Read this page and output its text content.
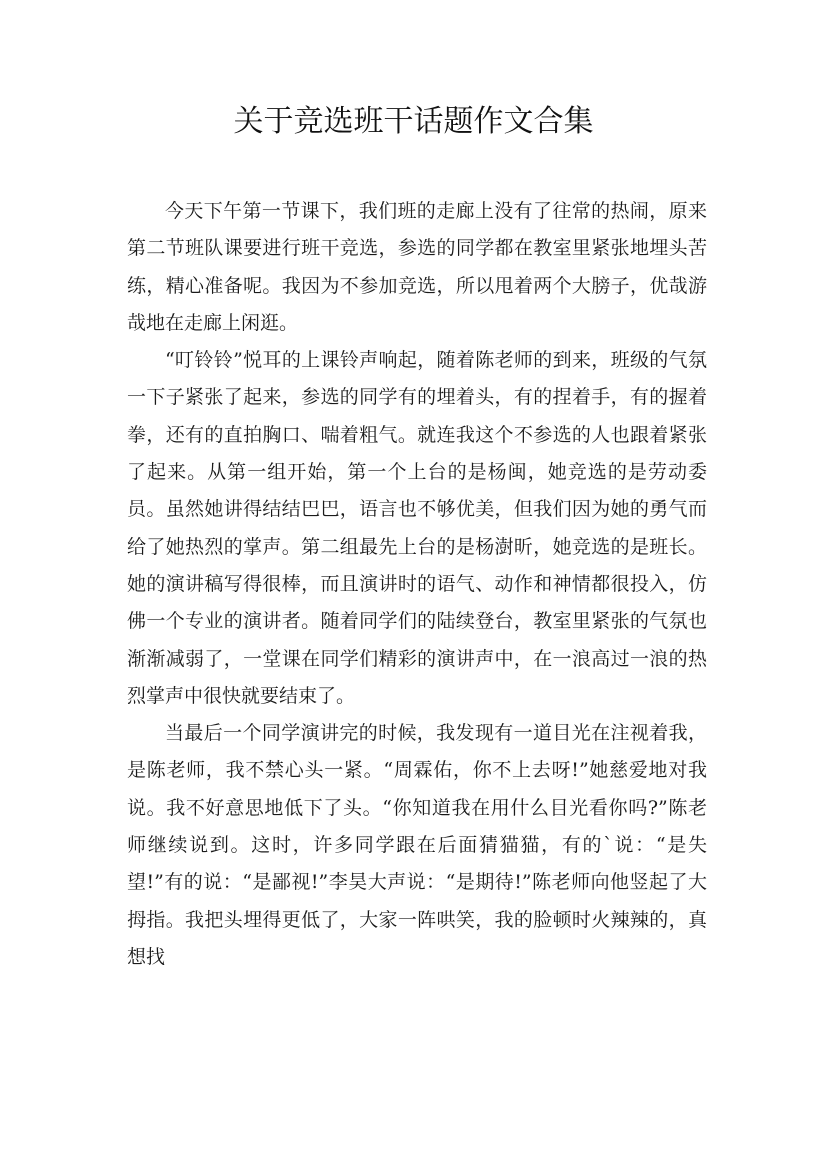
关于竞选班干话题作文合集

今天下午第一节课下，我们班的走廊上没有了往常的热闹，原来第二节班队课要进行班干竞选，参选的同学都在教室里紧张地埋头苦练，精心准备呢。我因为不参加竞选，所以甩着两个大膀子，优哉游哉地在走廊上闲逛。

“叮铃铃”悦耳的上课铃声响起，随着陈老师的到来，班级的气氛一下子紧张了起来，参选的同学有的埋着头，有的捏着手，有的握着拳，还有的直拍胸口、喘着粗气。就连我这个不参选的人也跟着紧张了起来。从第一组开始，第一个上台的是杨闽，她竞选的是劳动委员。虽然她讲得结结巴巴，语言也不够优美，但我们因为她的勇气而给了她热烈的掌声。第二组最先上台的是杨澍昕，她竞选的是班长。她的演讲稿写得很棒，而且演讲时的语气、动作和神情都很投入，仿佛一个专业的演讲者。随着同学们的陆续登台，教室里紧张的气氛也渐渐减弱了，一堂课在同学们精彩的演讲声中，在一浪高过一浪的热烈掌声中很快就要结束了。

当最后一个同学演讲完的时候，我发现有一道目光在注视着我，是陈老师，我不禁心头一紧。“周霖佑，你不上去呀!”她慈爱地对我说。我不好意思地低下了头。“你知道我在用什么目光看你吗?”陈老师继续说到。这时，许多同学跟在后面猜猫猫，有的`说：“是失望!”有的说：“是鄙视!”李昊大声说：“是期待!”陈老师向他竖起了大拇指。我把头埋得更低了，大家一阵哄笑，我的脸顿时火辣辣的，真想找
